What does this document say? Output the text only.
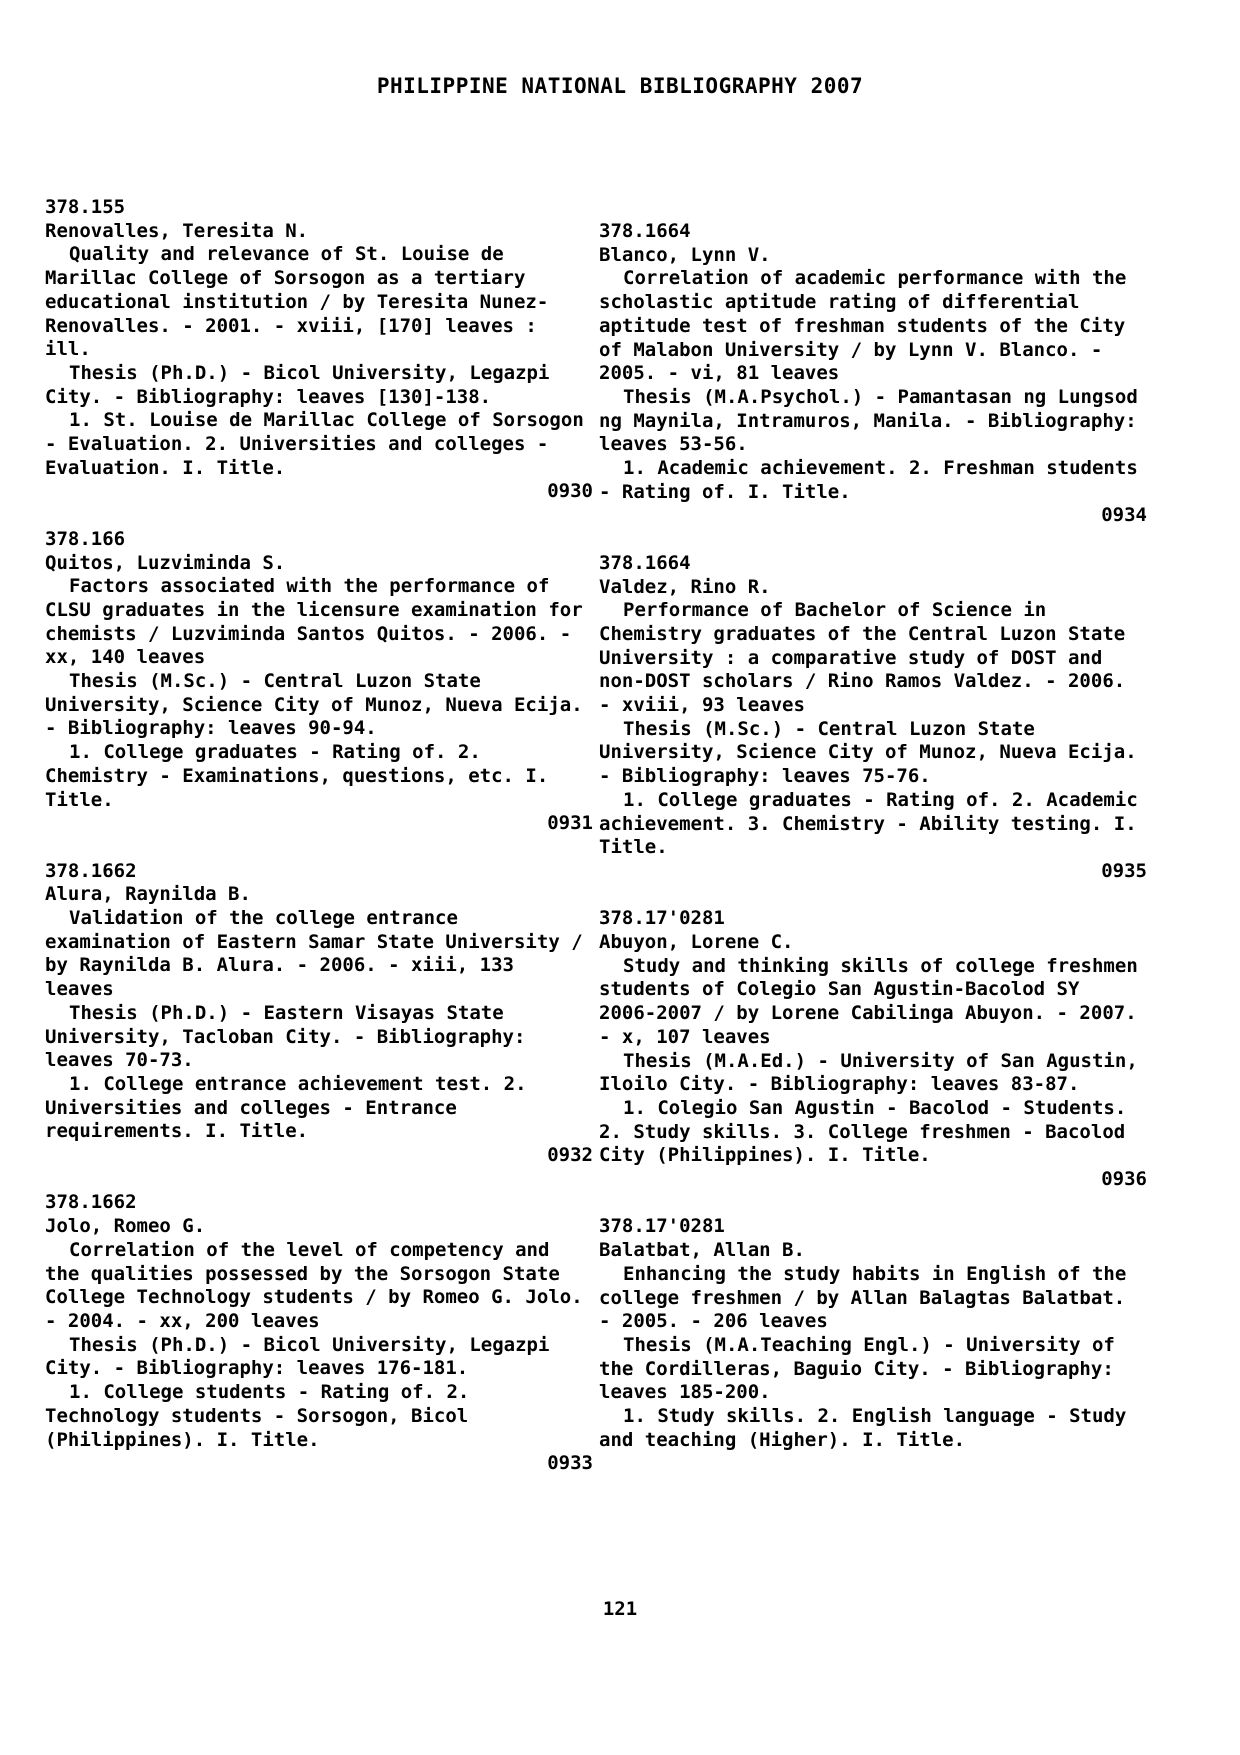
PHILIPPINE NATIONAL BIBLIOGRAPHY 2007
378.155
Renovalles, Teresita N.
Quality and relevance of St. Louise de Marillac College of Sorsogon as a tertiary educational institution / by Teresita Nunez-Renovalles. - 2001. - xviii, [170] leaves : ill.
Thesis (Ph.D.) - Bicol University, Legazpi City. - Bibliography: leaves [130]-138.
1. St. Louise de Marillac College of Sorsogon - Evaluation. 2. Universities and colleges - Evaluation. I. Title.
0930
378.166
Quitos, Luzviminda S.
Factors associated with the performance of CLSU graduates in the licensure examination for chemists / Luzviminda Santos Quitos. - 2006. - xx, 140 leaves
Thesis (M.Sc.) - Central Luzon State University, Science City of Munoz, Nueva Ecija. - Bibliography: leaves 90-94.
1. College graduates - Rating of. 2. Chemistry - Examinations, questions, etc. I. Title.
0931
378.1662
Alura, Raynilda B.
Validation of the college entrance examination of Eastern Samar State University / by Raynilda B. Alura. - 2006. - xiii, 133 leaves
Thesis (Ph.D.) - Eastern Visayas State University, Tacloban City. - Bibliography: leaves 70-73.
1. College entrance achievement test. 2. Universities and colleges - Entrance requirements. I. Title.
0932
378.1662
Jolo, Romeo G.
Correlation of the level of competency and the qualities possessed by the Sorsogon State College Technology students / by Romeo G. Jolo. - 2004. - xx, 200 leaves
Thesis (Ph.D.) - Bicol University, Legazpi City. - Bibliography: leaves 176-181.
1. College students - Rating of. 2. Technology students - Sorsogon, Bicol (Philippines). I. Title.
0933
378.1664
Blanco, Lynn V.
Correlation of academic performance with the scholastic aptitude rating of differential aptitude test of freshman students of the City of Malabon University / by Lynn V. Blanco. - 2005. - vi, 81 leaves
Thesis (M.A.Psychol.) - Pamantasan ng Lungsod ng Maynila, Intramuros, Manila. - Bibliography: leaves 53-56.
1. Academic achievement. 2. Freshman students - Rating of. I. Title.
0934
378.1664
Valdez, Rino R.
Performance of Bachelor of Science in Chemistry graduates of the Central Luzon State University : a comparative study of DOST and non-DOST scholars / Rino Ramos Valdez. - 2006. - xviii, 93 leaves
Thesis (M.Sc.) - Central Luzon State University, Science City of Munoz, Nueva Ecija. - Bibliography: leaves 75-76.
1. College graduates - Rating of. 2. Academic achievement. 3. Chemistry - Ability testing. I. Title.
0935
378.17'0281
Abuyon, Lorene C.
Study and thinking skills of college freshmen students of Colegio San Agustin-Bacolod SY 2006-2007 / by Lorene Cabilinga Abuyon. - 2007. - x, 107 leaves
Thesis (M.A.Ed.) - University of San Agustin, Iloilo City. - Bibliography: leaves 83-87.
1. Colegio San Agustin - Bacolod - Students. 2. Study skills. 3. College freshmen - Bacolod City (Philippines). I. Title.
0936
378.17'0281
Balatbat, Allan B.
Enhancing the study habits in English of the college freshmen / by Allan Balagtas Balatbat. - 2005. - 206 leaves
Thesis (M.A.Teaching Engl.) - University of the Cordilleras, Baguio City. - Bibliography: leaves 185-200.
1. Study skills. 2. English language - Study and teaching (Higher). I. Title.
121
